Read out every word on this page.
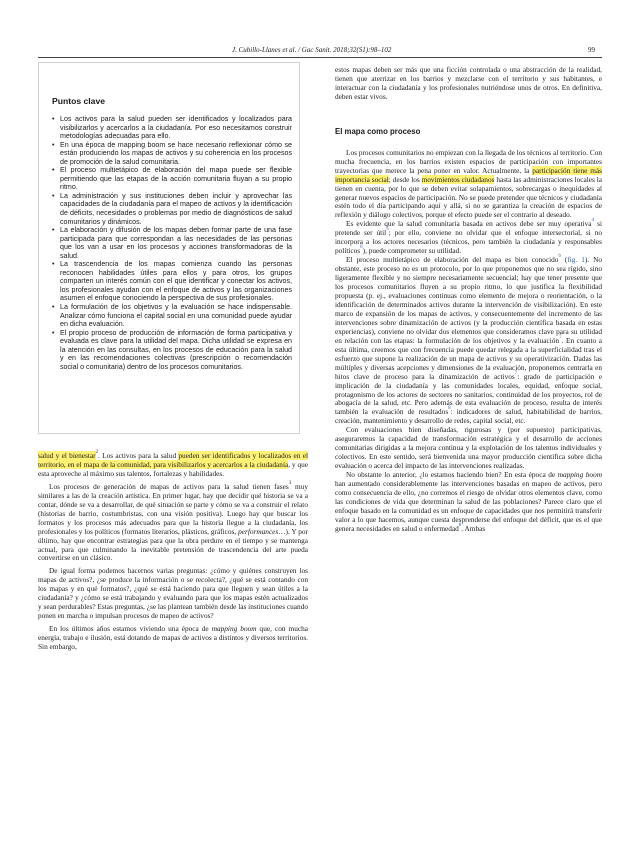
J. Cubillo-Llanes et al. / Gac Sanit. 2018;32(S1):98–102	99
Puntos clave
• Los activos para la salud pueden ser identificados y localizados para visibilizarlos y acercarlos a la ciudadanía. Por eso necesitamos construir metodologías adecuadas para ello.
• En una época de mapping boom se hace necesario reflexionar cómo se están produciendo los mapas de activos y su coherencia en los procesos de promoción de la salud comunitaria.
• El proceso multietápico de elaboración del mapa puede ser flexible permitiendo que las etapas de la acción comunitaria fluyan a su propio ritmo.
• La administración y sus instituciones deben incluir y aprovechar las capacidades de la ciudadanía para el mapeo de activos y la identificación de déficits, necesidades o problemas por medio de diagnósticos de salud comunitarios y dinámicos.
• La elaboración y difusión de los mapas deben formar parte de una fase participada para que correspondan a las necesidades de las personas que los van a usar en los procesos y acciones transformadoras de la salud.
• La trascendencia de los mapas comienza cuando las personas reconocen habilidades útiles para ellos y para otros, los grupos comparten un interés común con el que identificar y conectar los activos, los profesionales ayudan con el enfoque de activos y las organizaciones asumen el enfoque conociendo la perspectiva de sus profesionales.
• La formulación de los objetivos y la evaluación se hace indispensable. Analizar cómo funciona el capital social en una comunidad puede ayudar en dicha evaluación.
• El propio proceso de producción de información de forma participativa y evaluada es clave para la utilidad del mapa. Dicha utilidad se expresa en la atención en las consultas, en los procesos de educación para la salud y en las recomendaciones colectivas (prescripción o recomendación social o comunitaria) dentro de los procesos comunitarios.

salud y el bienestar$^2$. Los activos para la salud pueden ser identificados y localizados en el territorio, en el mapa de la comunidad, para visibilizarlos y acercarlos a la ciudadanía, y que esta aproveche al máximo sus talentos, fortalezas y habilidades.

Los procesos de generación de mapas de activos para la salud tienen fases$^3$ muy similares a las de la creación artística. En primer lugar, hay que decidir qué historia se va a contar, dónde se va a desarrollar, de qué situación se parte y cómo se va a construir el relato (historias de barrio, costumbristas, con una visión positiva). Luego hay que buscar los formatos y los procesos más adecuados para que la historia llegue a la ciudadanía, los profesionales y los políticos (formatos literarios, plásticos, gráficos, performances…). Y por último, hay que encontrar estrategias para que la obra perdure en el tiempo y se mantenga actual, para que culminando la inevitable pretensión de trascendencia del arte pueda convertirse en un clásico.

De igual forma podemos hacernos varias preguntas: ¿cómo y quiénes construyen los mapas de activos?, ¿se produce la información o se recolecta?, ¿qué se está contando con los mapas y en qué formatos?, ¿qué se está haciendo para que lleguen y sean útiles a la ciudadanía? y ¿cómo se está trabajando y evaluando para que los mapas estén actualizados y sean perdurables? Estas preguntas, ¿se las plantean también desde las instituciones cuando ponen en marcha o impulsan procesos de mapeo de activos?

En los últimos años estamos viviendo una época de mapping boom que, con mucha energía, trabajo e ilusión, está dotando de mapas de activos a distintos y diversos territorios. Sin embargo,

estos mapas deben ser más que una ficción controlada o una abstracción de la realidad, tienen que aterrizar en los barrios y mezclarse con el territorio y sus habitantes, e interactuar con la ciudadanía y los profesionales nutriéndose unos de otros. En definitiva, deben estar vivos.

El mapa como proceso

Los procesos comunitarios no empiezan con la llegada de los técnicos al territorio. Con mucha frecuencia, en los barrios existen espacios de participación con importantes trayectorias que merece la pena poner en valor. Actualmente, la participación tiene más importancia social; desde los movimientos ciudadanos hasta las administraciones locales la tienen en cuenta, por lo que se deben evitar solapamientos, sobrecargas o inequidades al generar nuevos espacios de participación. No se puede pretender que técnicos y ciudadanía estén todo el día participando aquí y allá, si no se garantiza la creación de espacios de reflexión y diálogo colectivos, porque el efecto puede ser el contrario al deseado.

Es evidente que la salud comunitaria basada en activos debe ser muy operativa$^4$ si pretende ser útil$^5$; por ello, conviene no olvidar que el enfoque intersectorial, si no incorpora a los actores necesarios (técnicos, pero también la ciudadanía y responsables políticos$^6$), puede comprometer su utilidad.

El proceso multietápico de elaboración del mapa es bien conocido$^6$ (fig. 1). No obstante, este proceso no es un protocolo, por lo que proponemos que no sea rígido, sino ligeramente flexible y no siempre necesariamente secuencial; hay que tener presente que los procesos comunitarios fluyen a su propio ritmo, lo que justifica la flexibilidad propuesta (p. ej., evaluaciones continuas como elemento de mejora o reorientación, o la identificación de determinados activos durante la intervención de visibilización). En este marco de expansión de los mapas de activos, y consecuentemente del incremento de las intervenciones sobre dinamización de activos (y la producción científica basada en estas experiencias), conviene no olvidar dos elementos que consideramos clave para su utilidad en relación con las etapas: la formulación de los objetivos y la evaluación$^7$. En cuanto a esta última, creemos que con frecuencia puede quedar relegada a la superficialidad tras el esfuerzo que supone la realización de un mapa de activos y su operativización. Dadas las múltiples y diversas acepciones y dimensiones de la evaluación, proponemos centrarla en hitos clave de proceso para la dinamización de activos$^7$: grado de participación e implicación de la ciudadanía y las comunidades locales, equidad, enfoque social, protagonismo de los actores de sectores no sanitarios, continuidad de los proyectos, rol de abogacía de la salud, etc. Pero además de esta evaluación de proceso, resulta de interés también la evaluación de resultados$^8$: indicadores de salud, habitabilidad de barrios, creación, mantenimiento y desarrollo de redes, capital social, etc.

Con evaluaciones bien diseñadas, rigurosas y (por supuesto) participativas, aseguraremos la capacidad de transformación estratégica y el desarrollo de acciones comunitarias dirigidas a la mejora continua y la explotación de los talentos individuales y colectivos. En este sentido, será bienvenida una mayor producción científica sobre dicha evaluación o acerca del impacto de las intervenciones realizadas.

No obstante lo anterior, ¿lo estamos haciendo bien? En esta época de mapping boom han aumentado considerablemente las intervenciones basadas en mapeo de activos, pero como consecuencia de ello, ¿no corremos el riesgo de olvidar otros elementos clave, como las condiciones de vida que determinan la salud de las poblaciones? Parece claro que el enfoque basado en la comunidad es un enfoque de capacidades que nos permitirá transferir valor a lo que hacemos, aunque cuesta desprenderse del enfoque del déficit, que es el que genera necesidades en salud o enfermedad$^8$. Ambas
